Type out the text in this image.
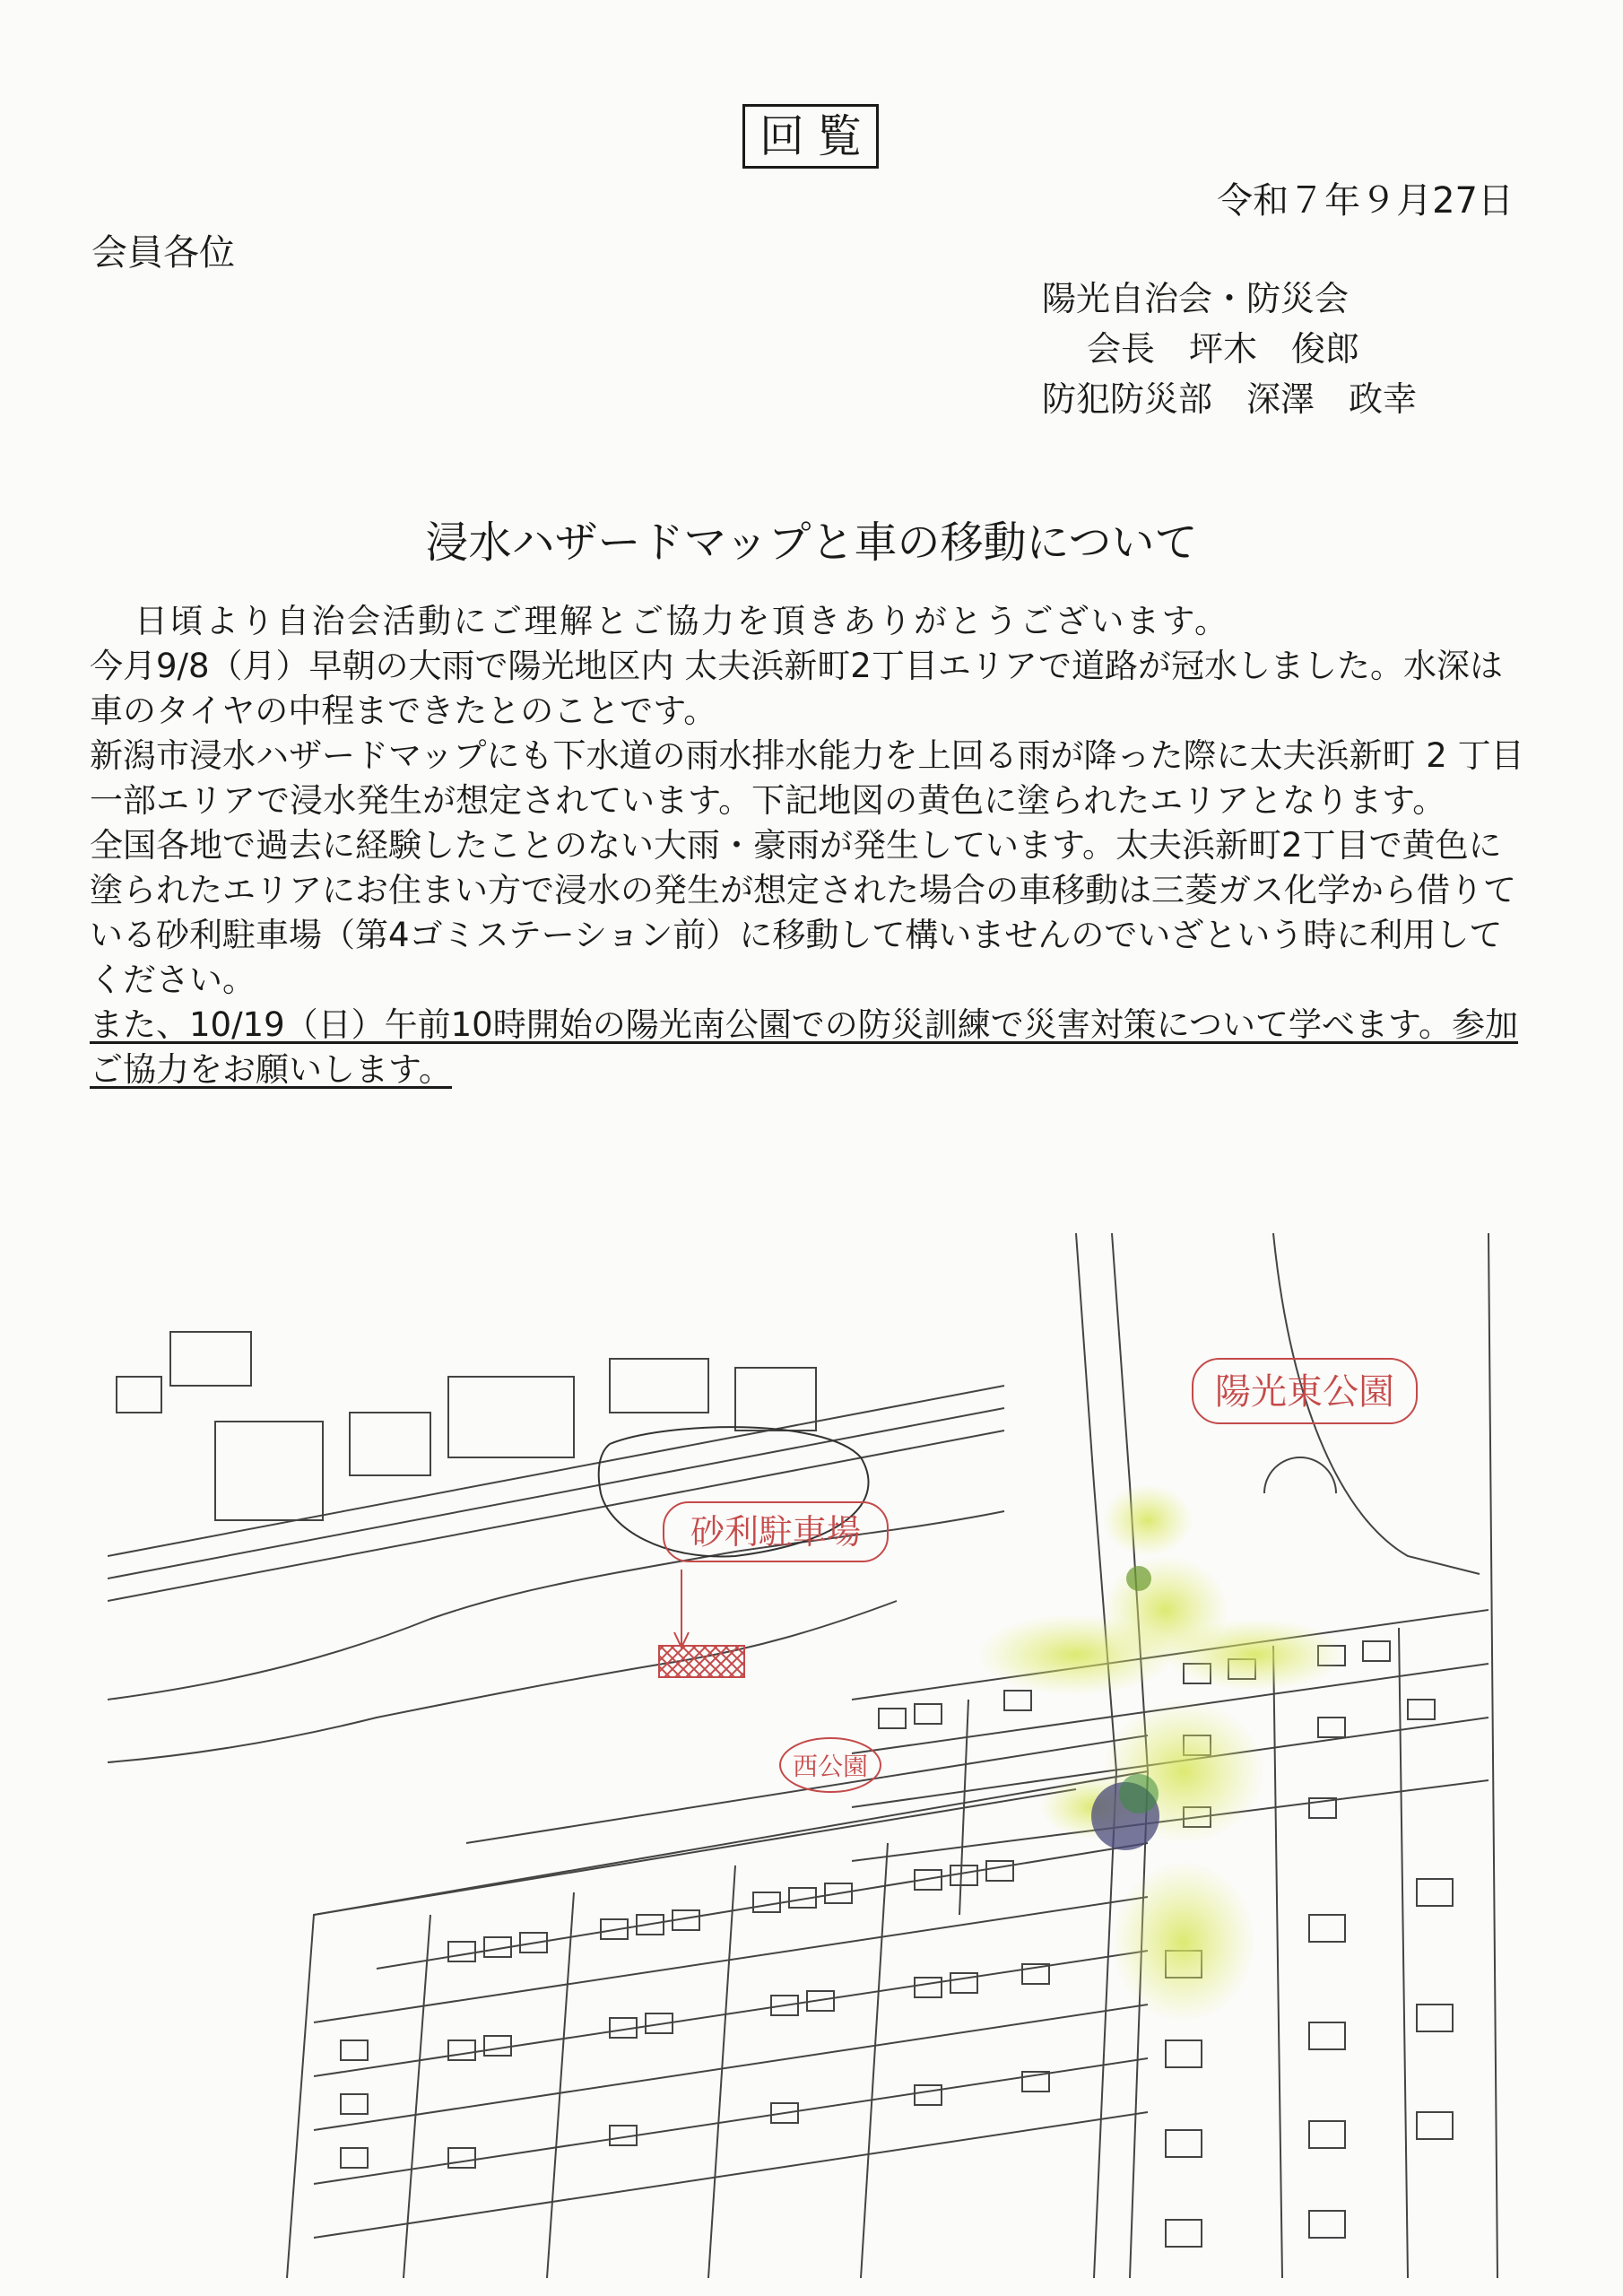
回覧
令和７年９月27日
会員各位
陽光自治会・防災会
会長　坪木　俊郎
防犯防災部　深澤　政幸
浸水ハザードマップと車の移動について

日頃より自治会活動にご理解とご協力を頂きありがとうございます。

今月9/8（月）早朝の大雨で陽光地区内 太夫浜新町2丁目エリアで道路が冠水しました。水深は車のタイヤの中程まできたとのことです。

新潟市浸水ハザードマップにも下水道の雨水排水能力を上回る雨が降った際に太夫浜新町 2 丁目一部エリアで浸水発生が想定されています。下記地図の黄色に塗られたエリアとなります。

全国各地で過去に経験したことのない大雨・豪雨が発生しています。太夫浜新町2丁目で黄色に塗られたエリアにお住まい方で浸水の発生が想定された場合の車移動は三菱ガス化学から借りている砂利駐車場（第4ゴミステーション前）に移動して構いませんのでいざという時に利用してください。

また、10/19（日）午前10時開始の陽光南公園での防災訓練で災害対策について学べます。参加ご協力をお願いします。

陽光東公園
砂利駐車場
西公園
